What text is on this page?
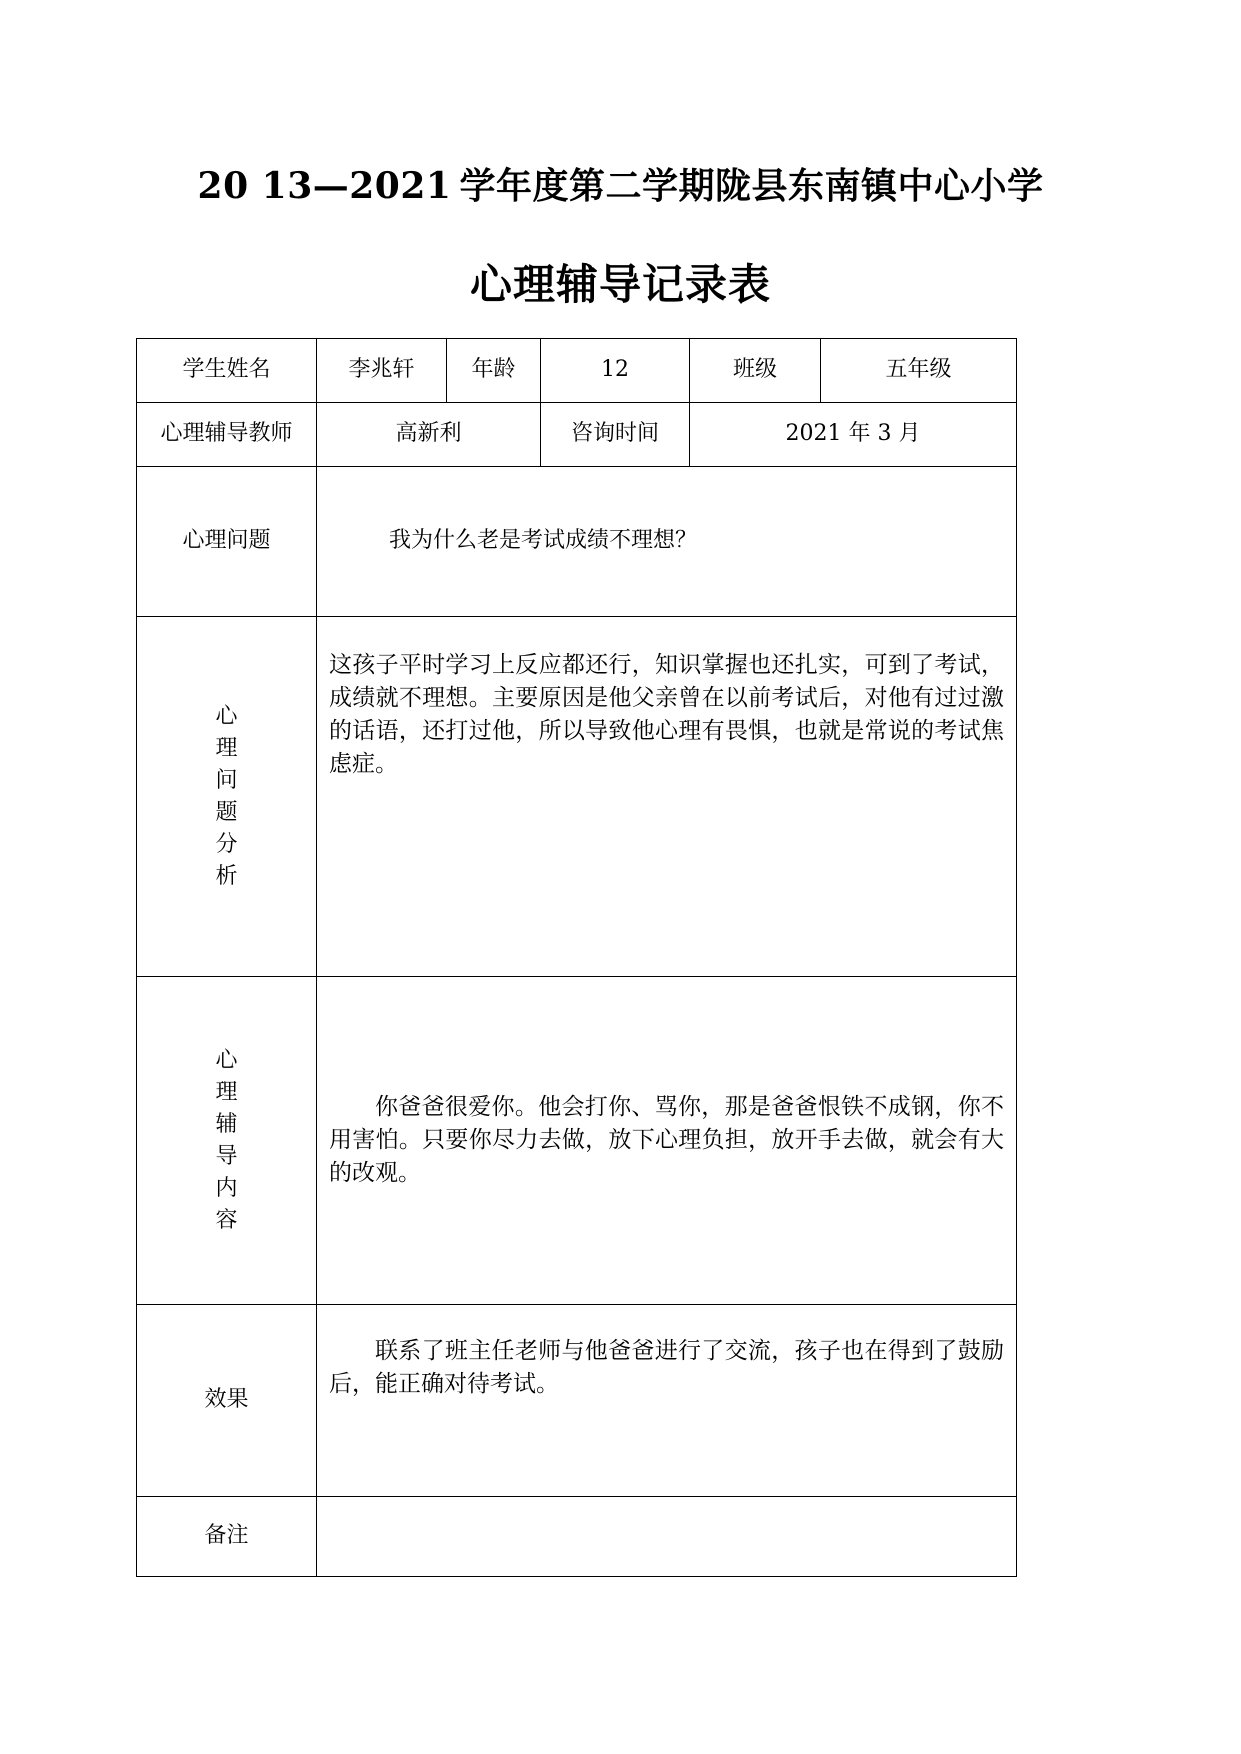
20 13—2021 学年度第二学期陇县东南镇中心小学
心理辅导记录表
学生姓名	李兆轩	年龄	12	班级	五年级
心理辅导教师	高新利		咨询时间	2021 年 3 月	
心理问题	我为什么老是考试成绩不理想？				
心理问题分析	这孩子平时学习上反应都还行，知识掌握也还扎实，可到了考试，成绩就不理想。主要原因是他父亲曾在以前考试后，对他有过过激的话语，还打过他，所以导致他心理有畏惧，也就是常说的考试焦虑症。				

心理辅导内容	你爸爸很爱你。他会打你、骂你，那是爸爸恨铁不成钢，你不用害怕。只要你尽力去做，放下心理负担，放开手去做，就会有大的改观。				

效果	联系了班主任老师与他爸爸进行了交流，孩子也在得到了鼓励后，能正确对待考试。				

备注					
